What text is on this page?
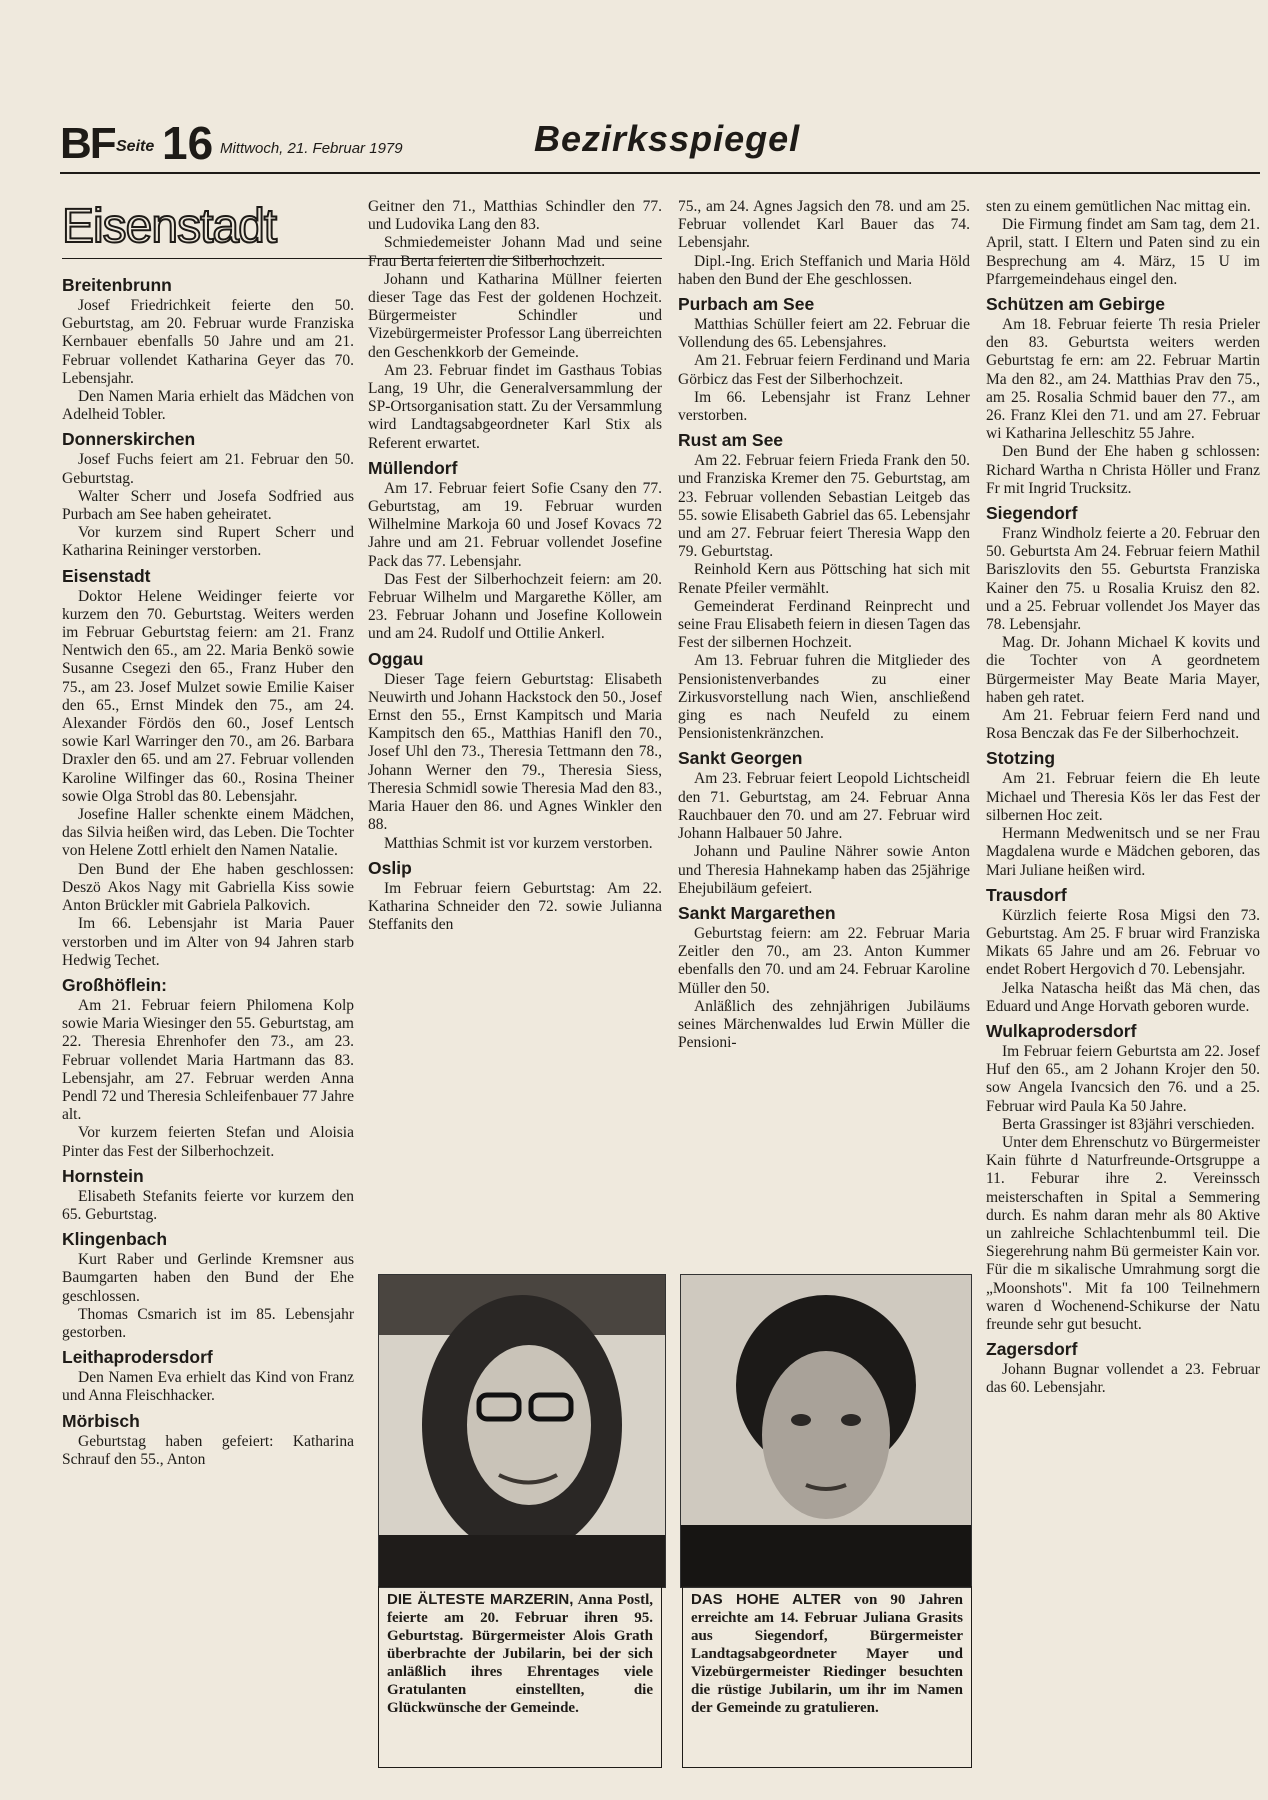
BF Seite 16 Mittwoch, 21. Februar 1979	Bezirksspiegel
Eisenstadt
Breitenbrunn

Josef Friedrichkeit feierte den 50. Geburtstag, am 20. Februar wurde Franziska Kernbauer ebenfalls 50 Jahre und am 21. Februar vollendet Katharina Geyer das 70. Lebensjahr.

Den Namen Maria erhielt das Mädchen von Adelheid Tobler.

Donnerskirchen

Josef Fuchs feiert am 21. Februar den 50. Geburtstag.

Walter Scherr und Josefa Sodfried aus Purbach am See haben geheiratet.

Vor kurzem sind Rupert Scherr und Katharina Reininger verstorben.

Eisenstadt

Doktor Helene Weidinger feierte vor kurzem den 70. Geburtstag. Weiters werden im Februar Geburtstag feiern: am 21. Franz Nentwich den 65., am 22. Maria Benkö sowie Susanne Csegezi den 65., Franz Huber den 75., am 23. Josef Mulzet sowie Emilie Kaiser den 65., Ernst Mindek den 75., am 24. Alexander Fördös den 60., Josef Lentsch sowie Karl Warringer den 70., am 26. Barbara Draxler den 65. und am 27. Februar vollenden Karoline Wilfinger das 60., Rosina Theiner sowie Olga Strobl das 80. Lebensjahr.

Josefine Haller schenkte einem Mädchen, das Silvia heißen wird, das Leben. Die Tochter von Helene Zottl erhielt den Namen Natalie.

Den Bund der Ehe haben geschlossen: Deszö Akos Nagy mit Gabriella Kiss sowie Anton Brückler mit Gabriela Palkovich.

Im 66. Lebensjahr ist Maria Pauer verstorben und im Alter von 94 Jahren starb Hedwig Techet.

Großhöflein:

Am 21. Februar feiern Philomena Kolp sowie Maria Wiesinger den 55. Geburtstag, am 22. Theresia Ehrenhofer den 73., am 23. Februar vollendet Maria Hartmann das 83. Lebensjahr, am 27. Februar werden Anna Pendl 72 und Theresia Schleifenbauer 77 Jahre alt.

Vor kurzem feierten Stefan und Aloisia Pinter das Fest der Silberhochzeit.

Hornstein

Elisabeth Stefanits feierte vor kurzem den 65. Geburtstag.

Klingenbach

Kurt Raber und Gerlinde Kremsner aus Baumgarten haben den Bund der Ehe geschlossen.

Thomas Csmarich ist im 85. Lebensjahr gestorben.

Leithaprodersdorf

Den Namen Eva erhielt das Kind von Franz und Anna Fleischhacker.

Mörbisch

Geburtstag haben gefeiert: Katharina Schrauf den 55., Anton

Geitner den 71., Matthias Schindler den 77. und Ludovika Lang den 83.

Schmiedemeister Johann Mad und seine Frau Berta feierten die Silberhochzeit.

Johann und Katharina Müllner feierten dieser Tage das Fest der goldenen Hochzeit. Bürgermeister Schindler und Vizebürgermeister Professor Lang überreichten den Geschenkkorb der Gemeinde.

Am 23. Februar findet im Gasthaus Tobias Lang, 19 Uhr, die Generalversammlung der SP-Ortsorganisation statt. Zu der Versammlung wird Landtagsabgeordneter Karl Stix als Referent erwartet.

Müllendorf

Am 17. Februar feiert Sofie Csany den 77. Geburtstag, am 19. Februar wurden Wilhelmine Markoja 60 und Josef Kovacs 72 Jahre und am 21. Februar vollendet Josefine Pack das 77. Lebensjahr.

Das Fest der Silberhochzeit feiern: am 20. Februar Wilhelm und Margarethe Köller, am 23. Februar Johann und Josefine Kollowein und am 24. Rudolf und Ottilie Ankerl.

Oggau

Dieser Tage feiern Geburtstag: Elisabeth Neuwirth und Johann Hackstock den 50., Josef Ernst den 55., Ernst Kampitsch und Maria Kampitsch den 65., Matthias Hanifl den 70., Josef Uhl den 73., Theresia Tettmann den 78., Johann Werner den 79., Theresia Siess, Theresia Schmidl sowie Theresia Mad den 83., Maria Hauer den 86. und Agnes Winkler den 88.

Matthias Schmit ist vor kurzem verstorben.

Oslip

Im Februar feiern Geburtstag: Am 22. Katharina Schneider den 72. sowie Julianna Steffanits den

75., am 24. Agnes Jagsich den 78. und am 25. Februar vollendet Karl Bauer das 74. Lebensjahr.

Dipl.-Ing. Erich Steffanich und Maria Höld haben den Bund der Ehe geschlossen.

Purbach am See

Matthias Schüller feiert am 22. Februar die Vollendung des 65. Lebensjahres.

Am 21. Februar feiern Ferdinand und Maria Görbicz das Fest der Silberhochzeit.

Im 66. Lebensjahr ist Franz Lehner verstorben.

Rust am See

Am 22. Februar feiern Frieda Frank den 50. und Franziska Kremer den 75. Geburtstag, am 23. Februar vollenden Sebastian Leitgeb das 55. sowie Elisabeth Gabriel das 65. Lebensjahr und am 27. Februar feiert Theresia Wapp den 79. Geburtstag.

Reinhold Kern aus Pöttsching hat sich mit Renate Pfeiler vermählt.

Gemeinderat Ferdinand Reinprecht und seine Frau Elisabeth feiern in diesen Tagen das Fest der silbernen Hochzeit.

Am 13. Februar fuhren die Mitglieder des Pensionistenverbandes zu einer Zirkusvorstellung nach Wien, anschließend ging es nach Neufeld zu einem Pensionistenkränzchen.

Sankt Georgen

Am 23. Februar feiert Leopold Lichtscheidl den 71. Geburtstag, am 24. Februar Anna Rauchbauer den 70. und am 27. Februar wird Johann Halbauer 50 Jahre.

Johann und Pauline Nährer sowie Anton und Theresia Hahnekamp haben das 25jährige Ehejubiläum gefeiert.

Sankt Margarethen

Geburtstag feiern: am 22. Februar Maria Zeitler den 70., am 23. Anton Kummer ebenfalls den 70. und am 24. Februar Karoline Müller den 50.

Anläßlich des zehnjährigen Jubiläums seines Märchenwaldes lud Erwin Müller die Pensioni-

sten zu einem gemütlichen Nac mittag ein.

Die Firmung findet am Sam tag, dem 21. April, statt. I Eltern und Paten sind zu ein Besprechung am 4. März, 15 U im Pfarrgemeindehaus eingel den.

Schützen am Gebirge

Am 18. Februar feierte Th resia Prieler den 83. Geburtsta weiters werden Geburtstag fe ern: am 22. Februar Martin Ma den 82., am 24. Matthias Prav den 75., am 25. Rosalia Schmid bauer den 77., am 26. Franz Klei den 71. und am 27. Februar wi Katharina Jelleschitz 55 Jahre.

Den Bund der Ehe haben g schlossen: Richard Wartha n Christa Höller und Franz Fr mit Ingrid Trucksitz.

Siegendorf

Franz Windholz feierte a 20. Februar den 50. Geburtsta Am 24. Februar feiern Mathil Bariszlovits den 55. Geburtsta Franziska Kainer den 75. u Rosalia Kruisz den 82. und a 25. Februar vollendet Jos Mayer das 78. Lebensjahr.

Mag. Dr. Johann Michael K kovits und die Tochter von A geordnetem Bürgermeister May Beate Maria Mayer, haben geh ratet.

Am 21. Februar feiern Ferd nand und Rosa Benczak das Fe der Silberhochzeit.

Stotzing

Am 21. Februar feiern die Eh leute Michael und Theresia Kös ler das Fest der silbernen Hoc zeit.

Hermann Medwenitsch und se ner Frau Magdalena wurde e Mädchen geboren, das Mari Juliane heißen wird.

Trausdorf

Kürzlich feierte Rosa Migsi den 73. Geburtstag. Am 25. F bruar wird Franziska Mikats 65 Jahre und am 26. Februar vo endet Robert Hergovich d 70. Lebensjahr.

Jelka Natascha heißt das Mä chen, das Eduard und Ange Horvath geboren wurde.

Wulkaprodersdorf

Im Februar feiern Geburtsta am 22. Josef Huf den 65., am 2 Johann Krojer den 50. sow Angela Ivancsich den 76. und a 25. Februar wird Paula Ka 50 Jahre.

Berta Grassinger ist 83jähri verschieden.

Unter dem Ehrenschutz vo Bürgermeister Kain führte d Naturfreunde-Ortsgruppe a 11. Feburar ihre 2. Vereinssch meisterschaften in Spital a Semmering durch. Es nahm daran mehr als 80 Aktive un zahlreiche Schlachtenbumml teil. Die Siegerehrung nahm Bü germeister Kain vor. Für die m sikalische Umrahmung sorgt die „Moonshots". Mit fa 100 Teilnehmern waren d Wochenend-Schikurse der Natu freunde sehr gut besucht.

Zagersdorf

Johann Bugnar vollendet a 23. Februar das 60. Lebensjahr.

DIE ÄLTESTE MARZERIN, Anna Postl, feierte am 20. Februar ihren 95. Geburtstag. Bürgermeister Alois Grath überbrachte der Jubilarin, bei der sich anläßlich ihres Ehrentages viele Gratulanten einstellten, die Glückwünsche der Gemeinde.
DAS HOHE ALTER von 90 Jahren erreichte am 14. Februar Juliana Grasits aus Siegendorf, Bürgermeister Landtagsabgeordneter Mayer und Vizebürgermeister Riedinger besuchten die rüstige Jubilarin, um ihr im Namen der Gemeinde zu gratulieren.
